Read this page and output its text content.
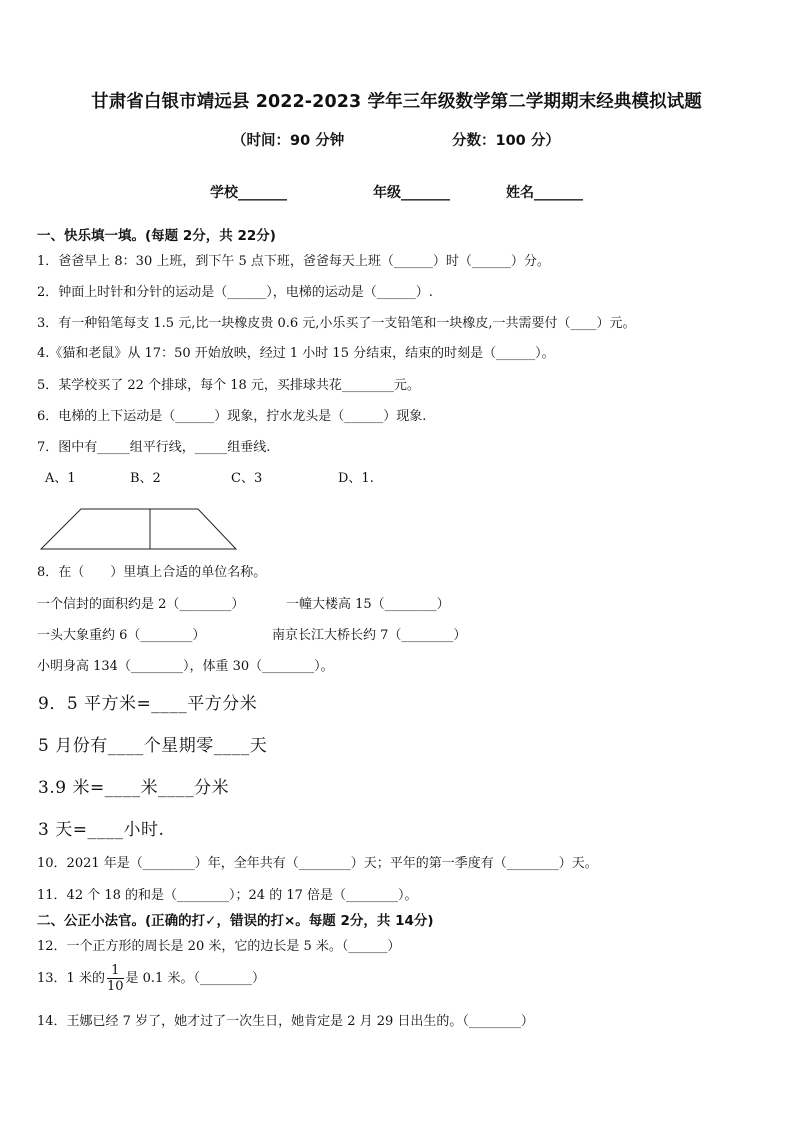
甘肃省白银市靖远县 2022-2023 学年三年级数学第二学期期末经典模拟试题
（时间：90 分钟	分数：100 分）
学校_______	年级_______	姓名_______
一、快乐填一填。(每题 2分，共 22分)
1．爸爸早上 8：30 上班，到下午 5 点下班，爸爸每天上班（______）时（______）分。
2．钟面上时针和分针的运动是（______），电梯的运动是（______）.
3．有一种铅笔每支 1.5 元,比一块橡皮贵 0.6 元,小乐买了一支铅笔和一块橡皮,一共需要付（____）元。
4.《猫和老鼠》从 17：50 开始放映，经过 1 小时 15 分结束，结束的时刻是（______）。
5．某学校买了 22 个排球，每个 18 元，买排球共花________元。
6．电梯的上下运动是（______）现象，拧水龙头是（______）现象.
7．图中有_____组平行线，_____组垂线.
A、1	B、2	C、3	D、1.
8．在（　　）里填上合适的单位名称。
一个信封的面积约是 2（________）	一幢大楼高 15（________）
一头大象重约 6（________）	南京长江大桥长约 7（________）
小明身高 134（________），体重 30（________）。
9．5 平方米=____平方分米
5 月份有____个星期零____天
3.9 米=____米____分米
3 天=____小时.
10．2021 年是（________）年，全年共有（________）天；平年的第一季度有（________）天。
11．42 个 18 的和是（________）；24 的 17 倍是（________）。
二、公正小法官。(正确的打✓，错误的打×。每题 2分，共 14分)
12．一个正方形的周长是 20 米，它的边长是 5 米。（______）
13．1 米的 $\frac{1}{10}$ 是 0.1 米。（________）
14．王娜已经 7 岁了，她才过了一次生日，她肯定是 2 月 29 日出生的。（________）
